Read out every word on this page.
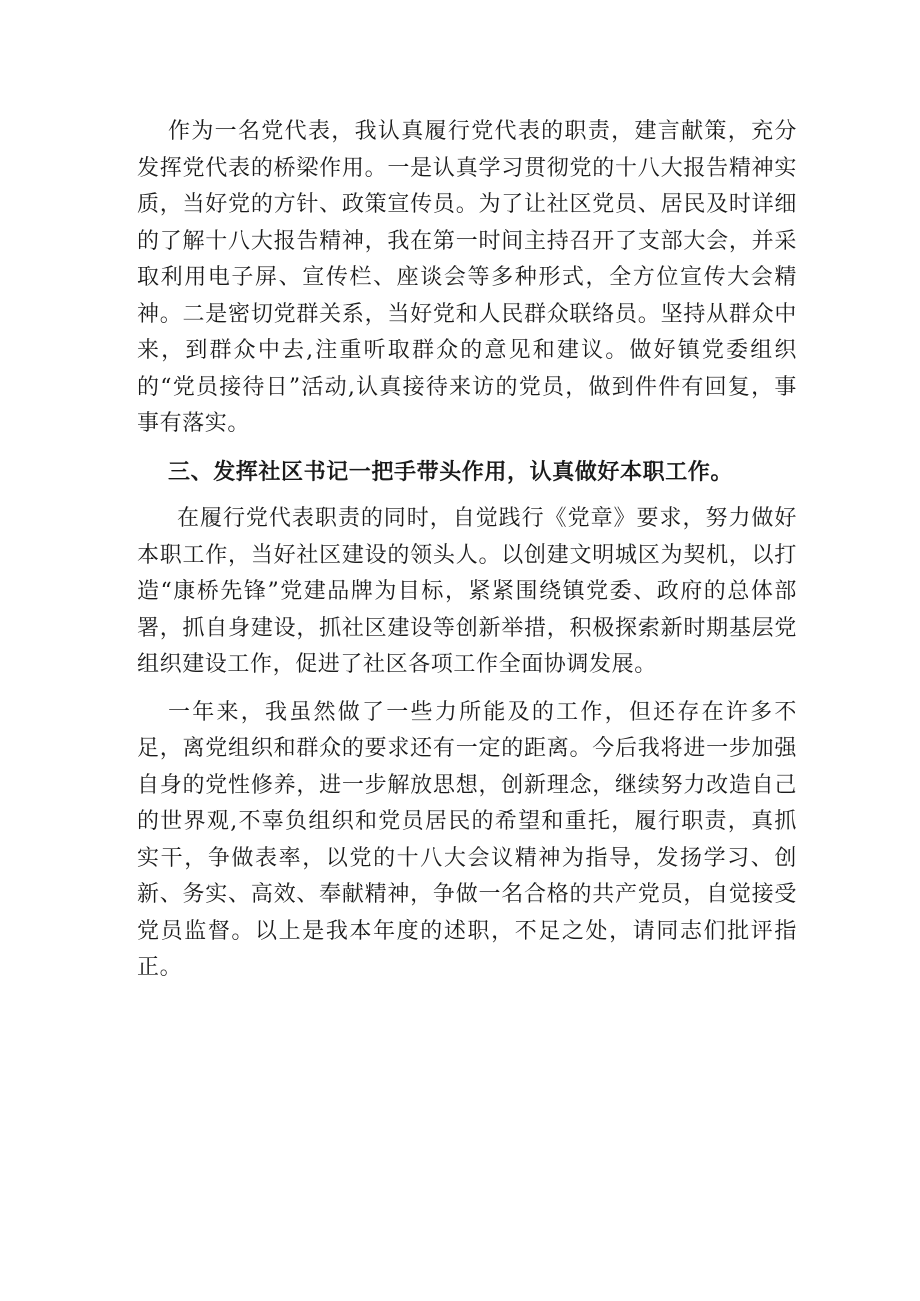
作为一名党代表，我认真履行党代表的职责，建言献策，充分发挥党代表的桥梁作用。一是认真学习贯彻党的十八大报告精神实质，当好党的方针、政策宣传员。为了让社区党员、居民及时详细的了解十八大报告精神，我在第一时间主持召开了支部大会，并采取利用电子屏、宣传栏、座谈会等多种形式，全方位宣传大会精神。二是密切党群关系，当好党和人民群众联络员。坚持从群众中来，到群众中去,注重听取群众的意见和建议。做好镇党委组织的“党员接待日”活动,认真接待来访的党员，做到件件有回复，事事有落实。

三、发挥社区书记一把手带头作用，认真做好本职工作。

在履行党代表职责的同时，自觉践行《党章》要求，努力做好本职工作，当好社区建设的领头人。以创建文明城区为契机，以打造“康桥先锋”党建品牌为目标，紧紧围绕镇党委、政府的总体部署，抓自身建设，抓社区建设等创新举措，积极探索新时期基层党组织建设工作，促进了社区各项工作全面协调发展。

一年来，我虽然做了一些力所能及的工作，但还存在许多不足，离党组织和群众的要求还有一定的距离。今后我将进一步加强自身的党性修养，进一步解放思想，创新理念，继续努力改造自己的世界观,不辜负组织和党员居民的希望和重托，履行职责，真抓实干，争做表率，以党的十八大会议精神为指导，发扬学习、创新、务实、高效、奉献精神，争做一名合格的共产党员，自觉接受党员监督。以上是我本年度的述职，不足之处，请同志们批评指正。
